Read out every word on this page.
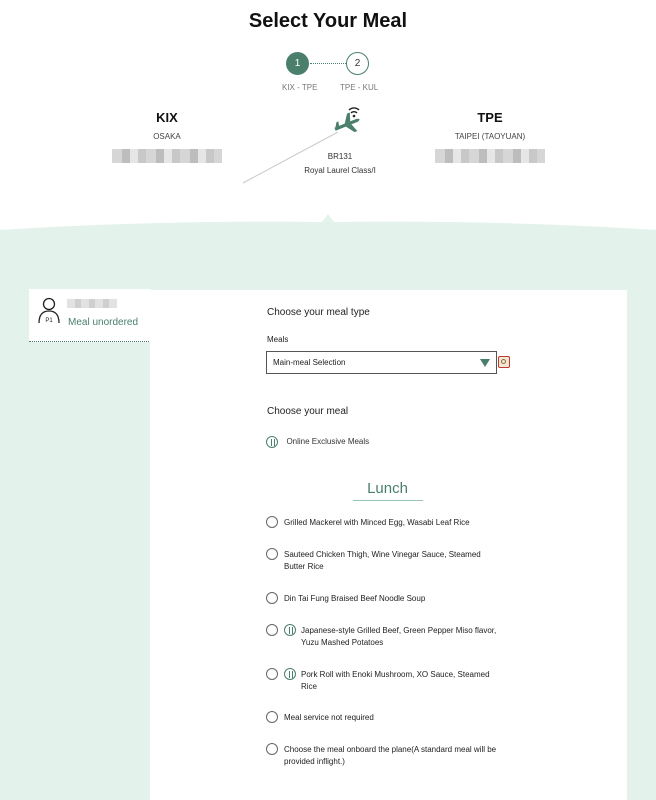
Select Your Meal
1	2
KIX - TPE	TPE - KUL
KIX
OSAKA
BR131
Royal Laurel Class/I
TPE
TAIPEI (TAOYUAN)
P1 Meal unordered
Choose your meal type
Meals
Main-meal Selection
Choose your meal
Online Exclusive Meals
Lunch
Grilled Mackerel with Minced Egg, Wasabi Leaf Rice
Sauteed Chicken Thigh, Wine Vinegar Sauce, Steamed Butter Rice
Din Tai Fung Braised Beef Noodle Soup
Japanese-style Grilled Beef, Green Pepper Miso flavor, Yuzu Mashed Potatoes
Pork Roll with Enoki Mushroom, XO Sauce, Steamed Rice
Meal service not required
Choose the meal onboard the plane(A standard meal will be provided inflight.)
